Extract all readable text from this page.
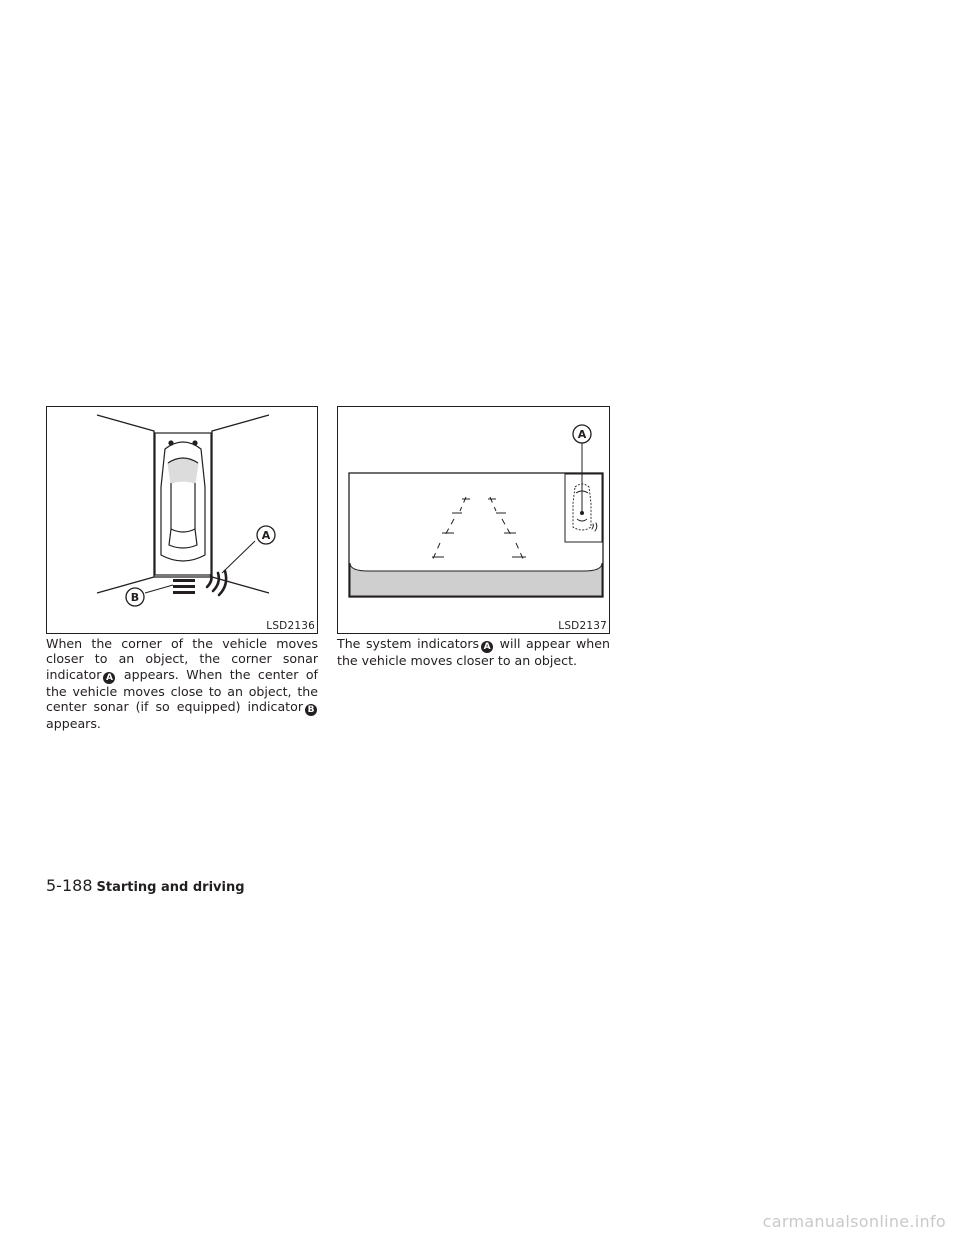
A
B
LSD2136
A
LSD2137

When the corner of the vehicle moves closer to an object, the corner sonar indicator A appears. When the center of the vehicle moves close to an object, the center sonar (if so equipped) indicator B appears.

The system indicators A will appear when the vehicle moves closer to an object.

5-188 Starting and driving
carmanualsonline.info
